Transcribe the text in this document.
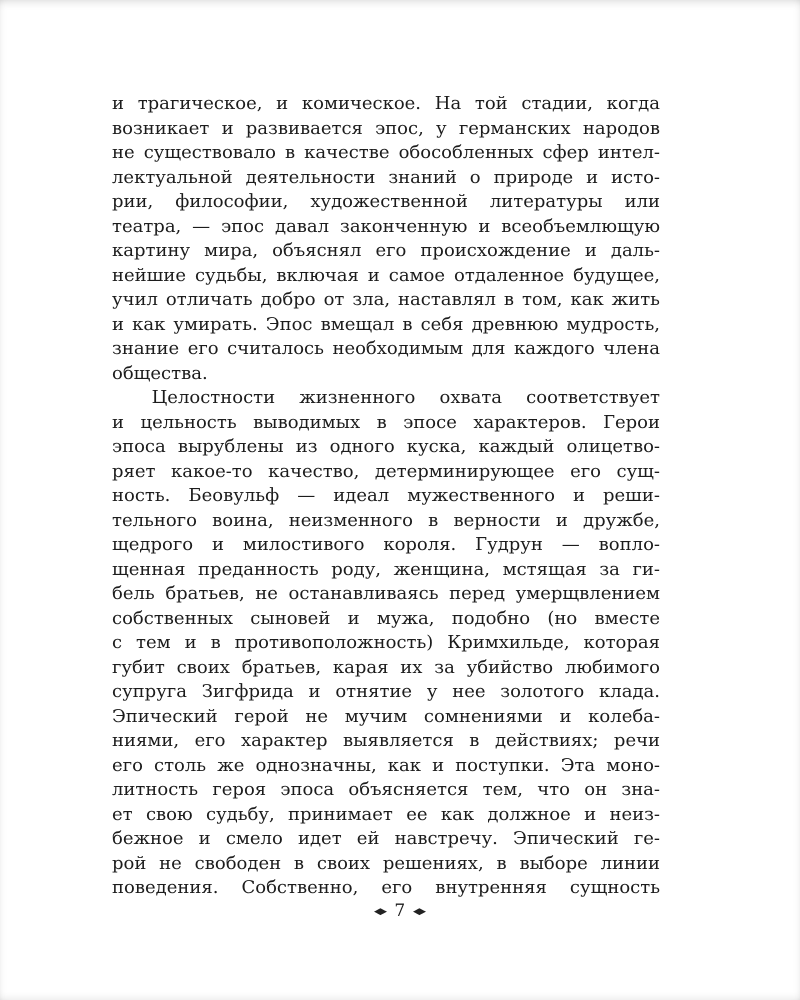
и трагическое, и комическое. На той стадии, когда
возникает и развивается эпос, у германских народов
не существовало в качестве обособленных сфер интел-
лектуальной деятельности знаний о природе и исто-
рии, философии, художественной литературы или
театра, — эпос давал законченную и всеобъемлющую
картину мира, объяснял его происхождение и даль-
нейшие судьбы, включая и самое отдаленное будущее,
учил отличать добро от зла, наставлял в том, как жить
и как умирать. Эпос вмещал в себя древнюю мудрость,
знание его считалось необходимым для каждого члена
общества.
Целостности жизненного охвата соответствует
и цельность выводимых в эпосе характеров. Герои
эпоса вырублены из одного куска, каждый олицетво-
ряет какое-то качество, детерминирующее его сущ-
ность. Беовульф — идеал мужественного и реши-
тельного воина, неизменного в верности и дружбе,
щедрого и милостивого короля. Гудрун — вопло-
щенная преданность роду, женщина, мстящая за ги-
бель братьев, не останавливаясь перед умерщвлением
собственных сыновей и мужа, подобно (но вместе
с тем и в противоположность) Кримхильде, которая
губит своих братьев, карая их за убийство любимого
супруга Зигфрида и отнятие у нее золотого клада.
Эпический герой не мучим сомнениями и колеба-
ниями, его характер выявляется в действиях; речи
его столь же однозначны, как и поступки. Эта моно-
литность героя эпоса объясняется тем, что он зна-
ет свою судьбу, принимает ее как должное и неиз-
бежное и смело идет ей навстречу. Эпический ге-
рой не свободен в своих решениях, в выборе линии
поведения. Собственно, его внутренняя сущность
◆ 7 ◆
